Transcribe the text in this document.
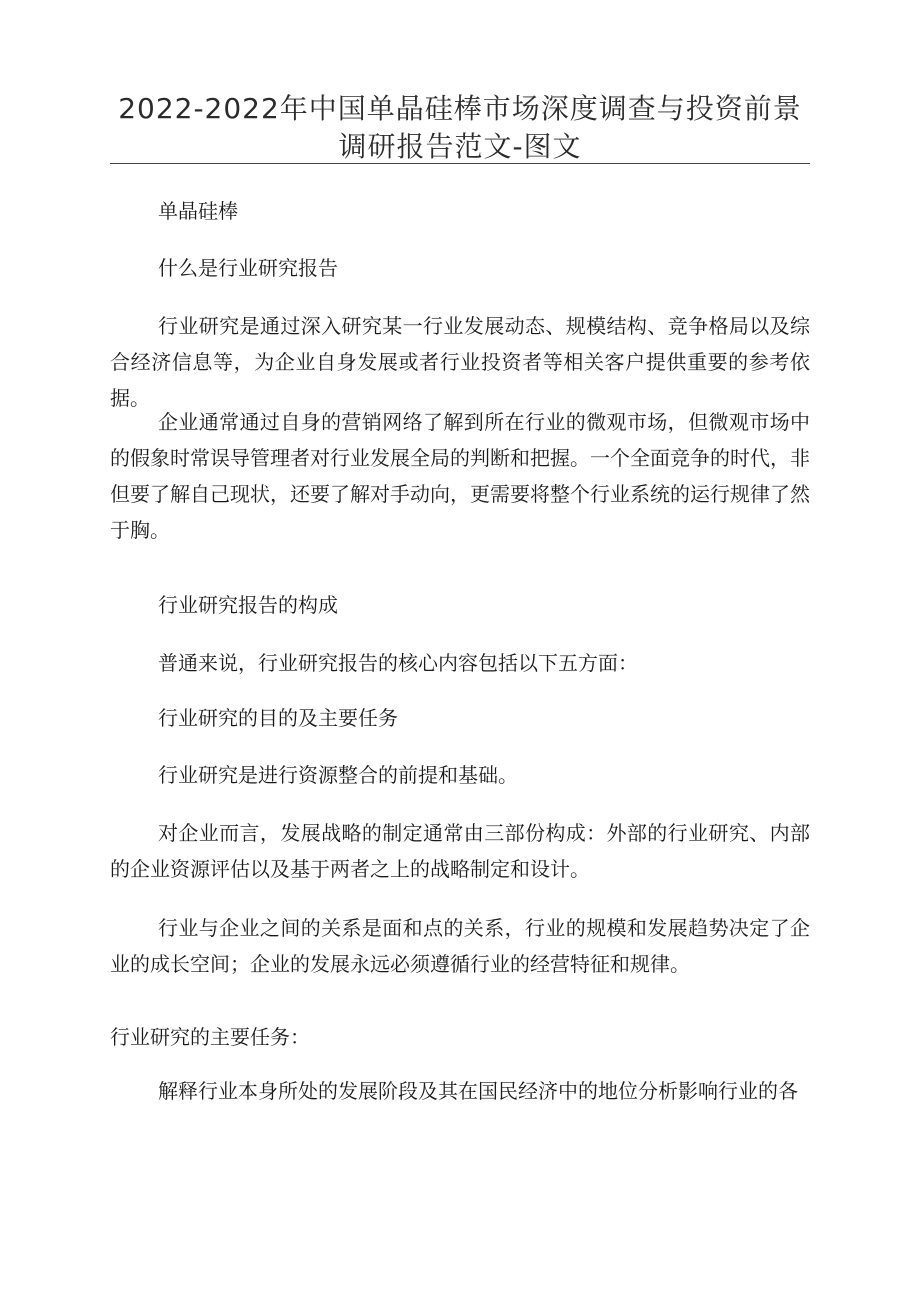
2022-2022年中国单晶硅棒市场深度调查与投资前景调研报告范文-图文

单晶硅棒

什么是行业研究报告

行业研究是通过深入研究某一行业发展动态、规模结构、竞争格局以及综合经济信息等，为企业自身发展或者行业投资者等相关客户提供重要的参考依据。

企业通常通过自身的营销网络了解到所在行业的微观市场，但微观市场中的假象时常误导管理者对行业发展全局的判断和把握。一个全面竞争的时代，非但要了解自己现状，还要了解对手动向，更需要将整个行业系统的运行规律了然于胸。

行业研究报告的构成

普通来说，行业研究报告的核心内容包括以下五方面：

行业研究的目的及主要任务

行业研究是进行资源整合的前提和基础。

对企业而言，发展战略的制定通常由三部份构成：外部的行业研究、内部的企业资源评估以及基于两者之上的战略制定和设计。

行业与企业之间的关系是面和点的关系，行业的规模和发展趋势决定了企业的成长空间；企业的发展永远必须遵循行业的经营特征和规律。

行业研究的主要任务：

解释行业本身所处的发展阶段及其在国民经济中的地位分析影响行业的各
